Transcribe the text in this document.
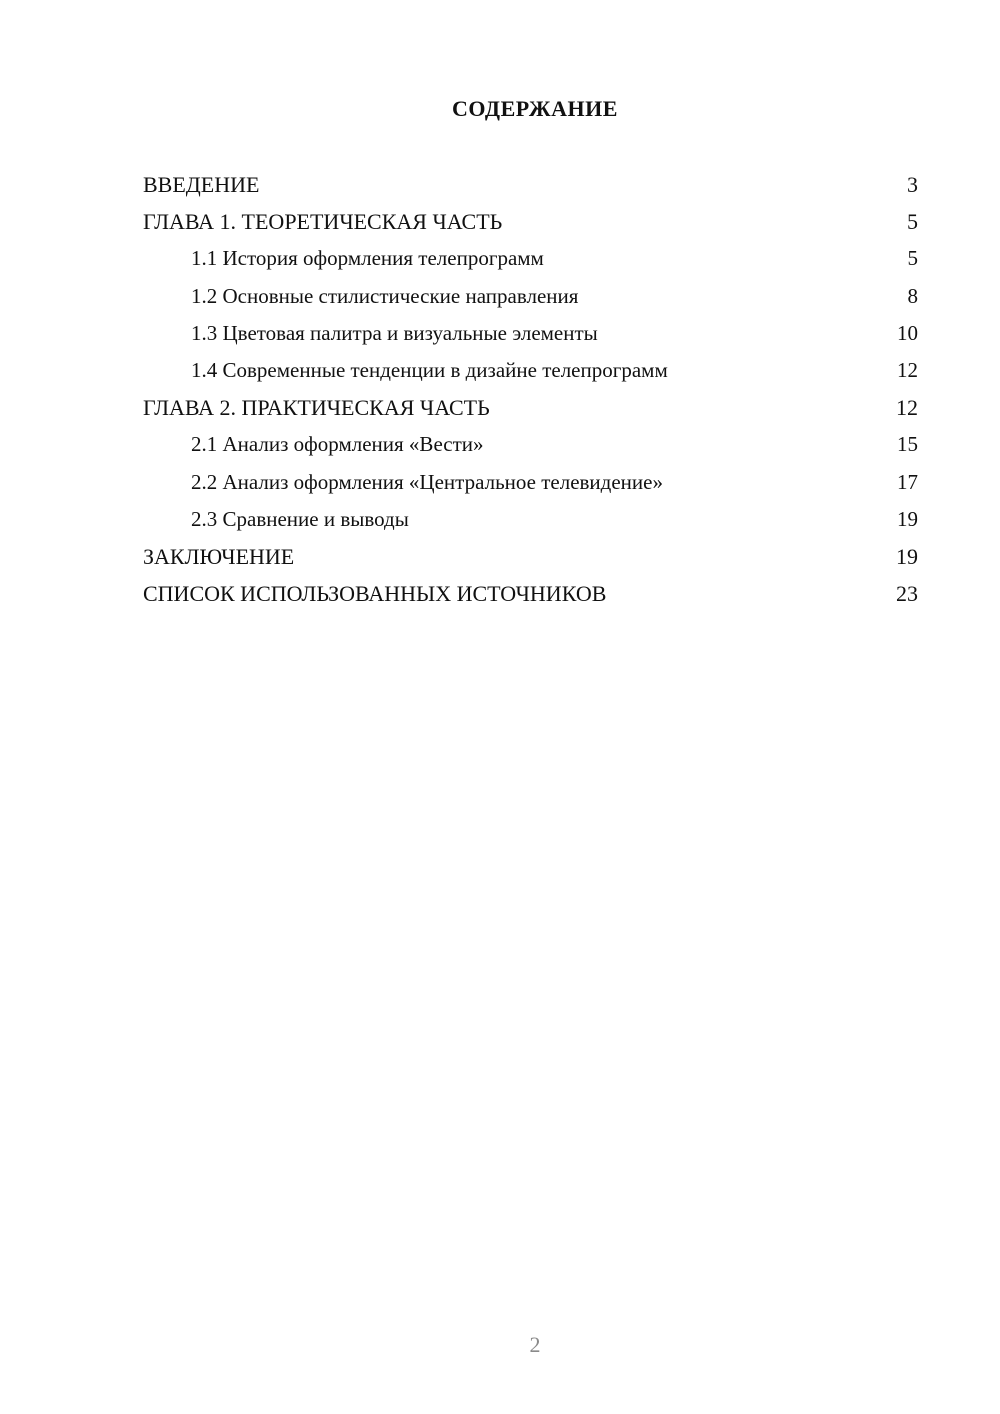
СОДЕРЖАНИЕ
ВВЕДЕНИЕ	3
ГЛАВА 1. ТЕОРЕТИЧЕСКАЯ ЧАСТЬ	5
1.1 История оформления телепрограмм	5
1.2 Основные стилистические направления	8
1.3 Цветовая палитра и визуальные элементы	10
1.4 Современные тенденции в дизайне телепрограмм	12
ГЛАВА 2. ПРАКТИЧЕСКАЯ ЧАСТЬ	12
2.1 Анализ оформления «Вести»	15
2.2 Анализ оформления «Центральное телевидение»	17
2.3 Сравнение и выводы	19
ЗАКЛЮЧЕНИЕ	19
СПИСОК ИСПОЛЬЗОВАННЫХ ИСТОЧНИКОВ	23
2
